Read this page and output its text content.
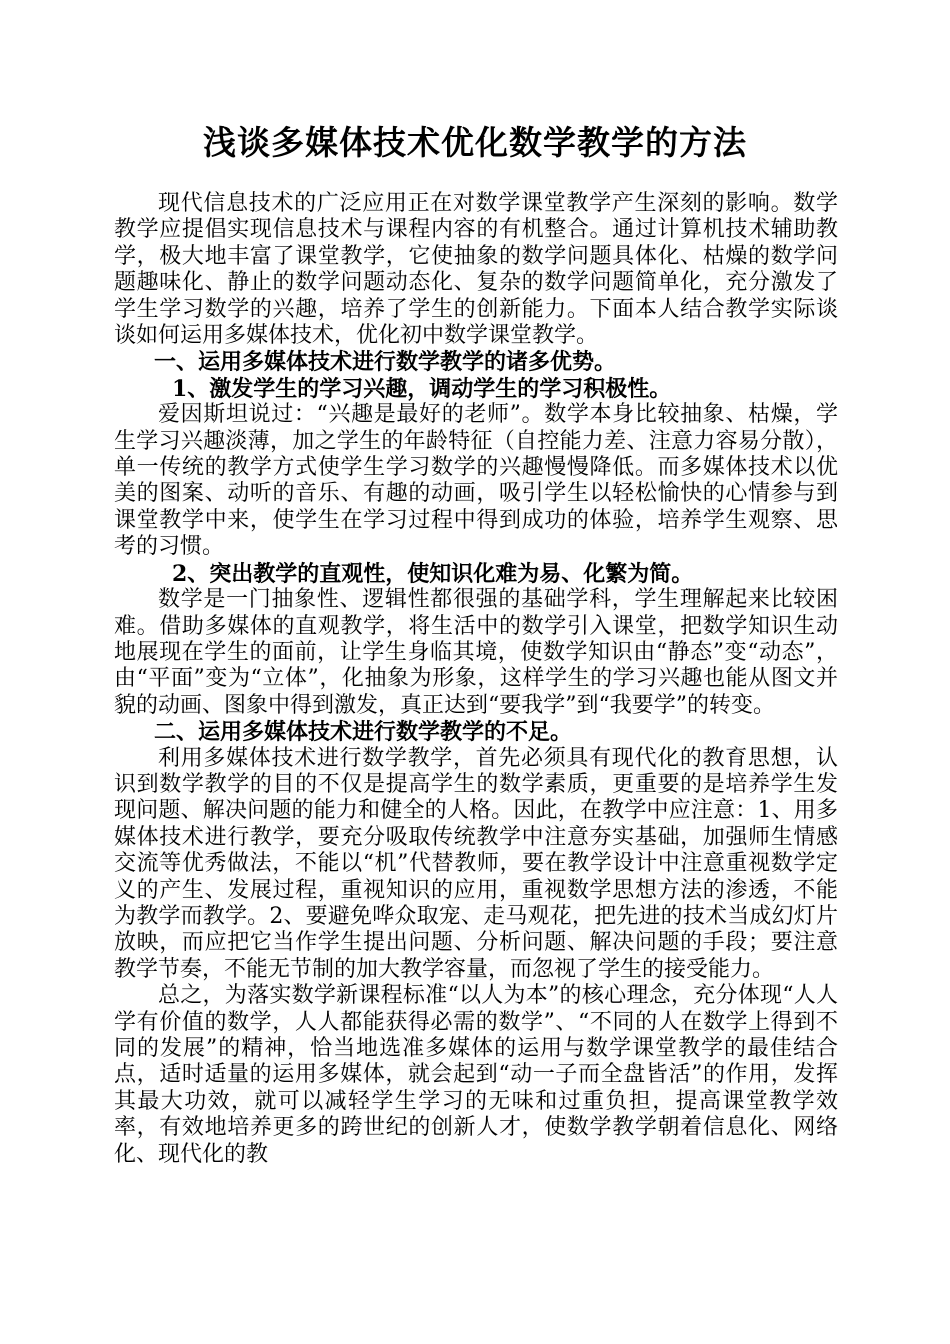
浅谈多媒体技术优化数学教学的方法

现代信息技术的广泛应用正在对数学课堂教学产生深刻的影响。数学教学应提倡实现信息技术与课程内容的有机整合。通过计算机技术辅助教学，极大地丰富了课堂教学，它使抽象的数学问题具体化、枯燥的数学问题趣味化、静止的数学问题动态化、复杂的数学问题简单化，充分激发了学生学习数学的兴趣，培养了学生的创新能力。下面本人结合教学实际谈谈如何运用多媒体技术，优化初中数学课堂教学。

一、运用多媒体技术进行数学教学的诸多优势。

1、激发学生的学习兴趣，调动学生的学习积极性。

爱因斯坦说过：“兴趣是最好的老师”。数学本身比较抽象、枯燥，学生学习兴趣淡薄，加之学生的年龄特征（自控能力差、注意力容易分散），单一传统的教学方式使学生学习数学的兴趣慢慢降低。而多媒体技术以优美的图案、动听的音乐、有趣的动画，吸引学生以轻松愉快的心情参与到课堂教学中来，使学生在学习过程中得到成功的体验，培养学生观察、思考的习惯。

2、突出教学的直观性，使知识化难为易、化繁为简。

数学是一门抽象性、逻辑性都很强的基础学科，学生理解起来比较困难。借助多媒体的直观教学，将生活中的数学引入课堂，把数学知识生动地展现在学生的面前，让学生身临其境，使数学知识由“静态”变“动态”，由“平面”变为“立体”，化抽象为形象，这样学生的学习兴趣也能从图文并貌的动画、图象中得到激发，真正达到“要我学”到“我要学”的转变。

二、运用多媒体技术进行数学教学的不足。

利用多媒体技术进行数学教学，首先必须具有现代化的教育思想，认识到数学教学的目的不仅是提高学生的数学素质，更重要的是培养学生发现问题、解决问题的能力和健全的人格。因此，在教学中应注意：1、用多媒体技术进行教学，要充分吸取传统教学中注意夯实基础，加强师生情感交流等优秀做法，不能以“机”代替教师，要在教学设计中注意重视数学定义的产生、发展过程，重视知识的应用，重视数学思想方法的渗透，不能为教学而教学。2、要避免哗众取宠、走马观花，把先进的技术当成幻灯片放映，而应把它当作学生提出问题、分析问题、解决问题的手段；要注意教学节奏，不能无节制的加大教学容量，而忽视了学生的接受能力。

总之，为落实数学新课程标准“以人为本”的核心理念，充分体现“人人学有价值的数学，人人都能获得必需的数学”、“不同的人在数学上得到不同的发展”的精神，恰当地选准多媒体的运用与数学课堂教学的最佳结合点，适时适量的运用多媒体，就会起到“动一子而全盘皆活”的作用，发挥其最大功效，就可以减轻学生学习的无味和过重负担，提高课堂教学效率，有效地培养更多的跨世纪的创新人才，使数学教学朝着信息化、网络化、现代化的教
